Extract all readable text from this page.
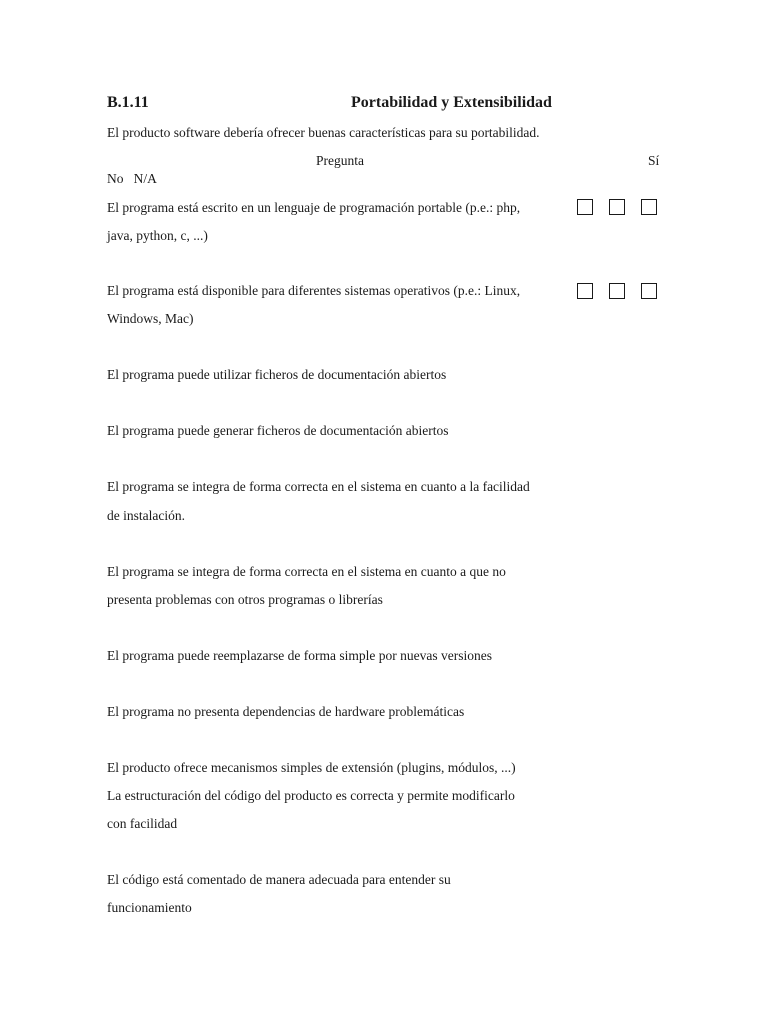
B.1.11	Portabilidad y Extensibilidad
El producto software debería ofrecer buenas características para su portabilidad.
Pregunta	Sí
No   N/A
El programa está escrito en un lenguaje de programación portable (p.e.: php,
java, python, c, ...)
El programa está disponible para diferentes sistemas operativos (p.e.: Linux,
Windows, Mac)
El programa puede utilizar ficheros de documentación abiertos
El programa puede generar ficheros de documentación abiertos
El programa se integra de forma correcta en el sistema en cuanto a la facilidad
de instalación.
El programa se integra de forma correcta en el sistema en cuanto a que no
presenta problemas con otros programas o librerías
El programa puede reemplazarse de forma simple por nuevas versiones
El programa no presenta dependencias de hardware problemáticas
El producto ofrece mecanismos simples de extensión (plugins, módulos, ...)
La estructuración del código del producto es correcta y permite modificarlo
con facilidad
El código está comentado de manera adecuada para entender su
funcionamiento
